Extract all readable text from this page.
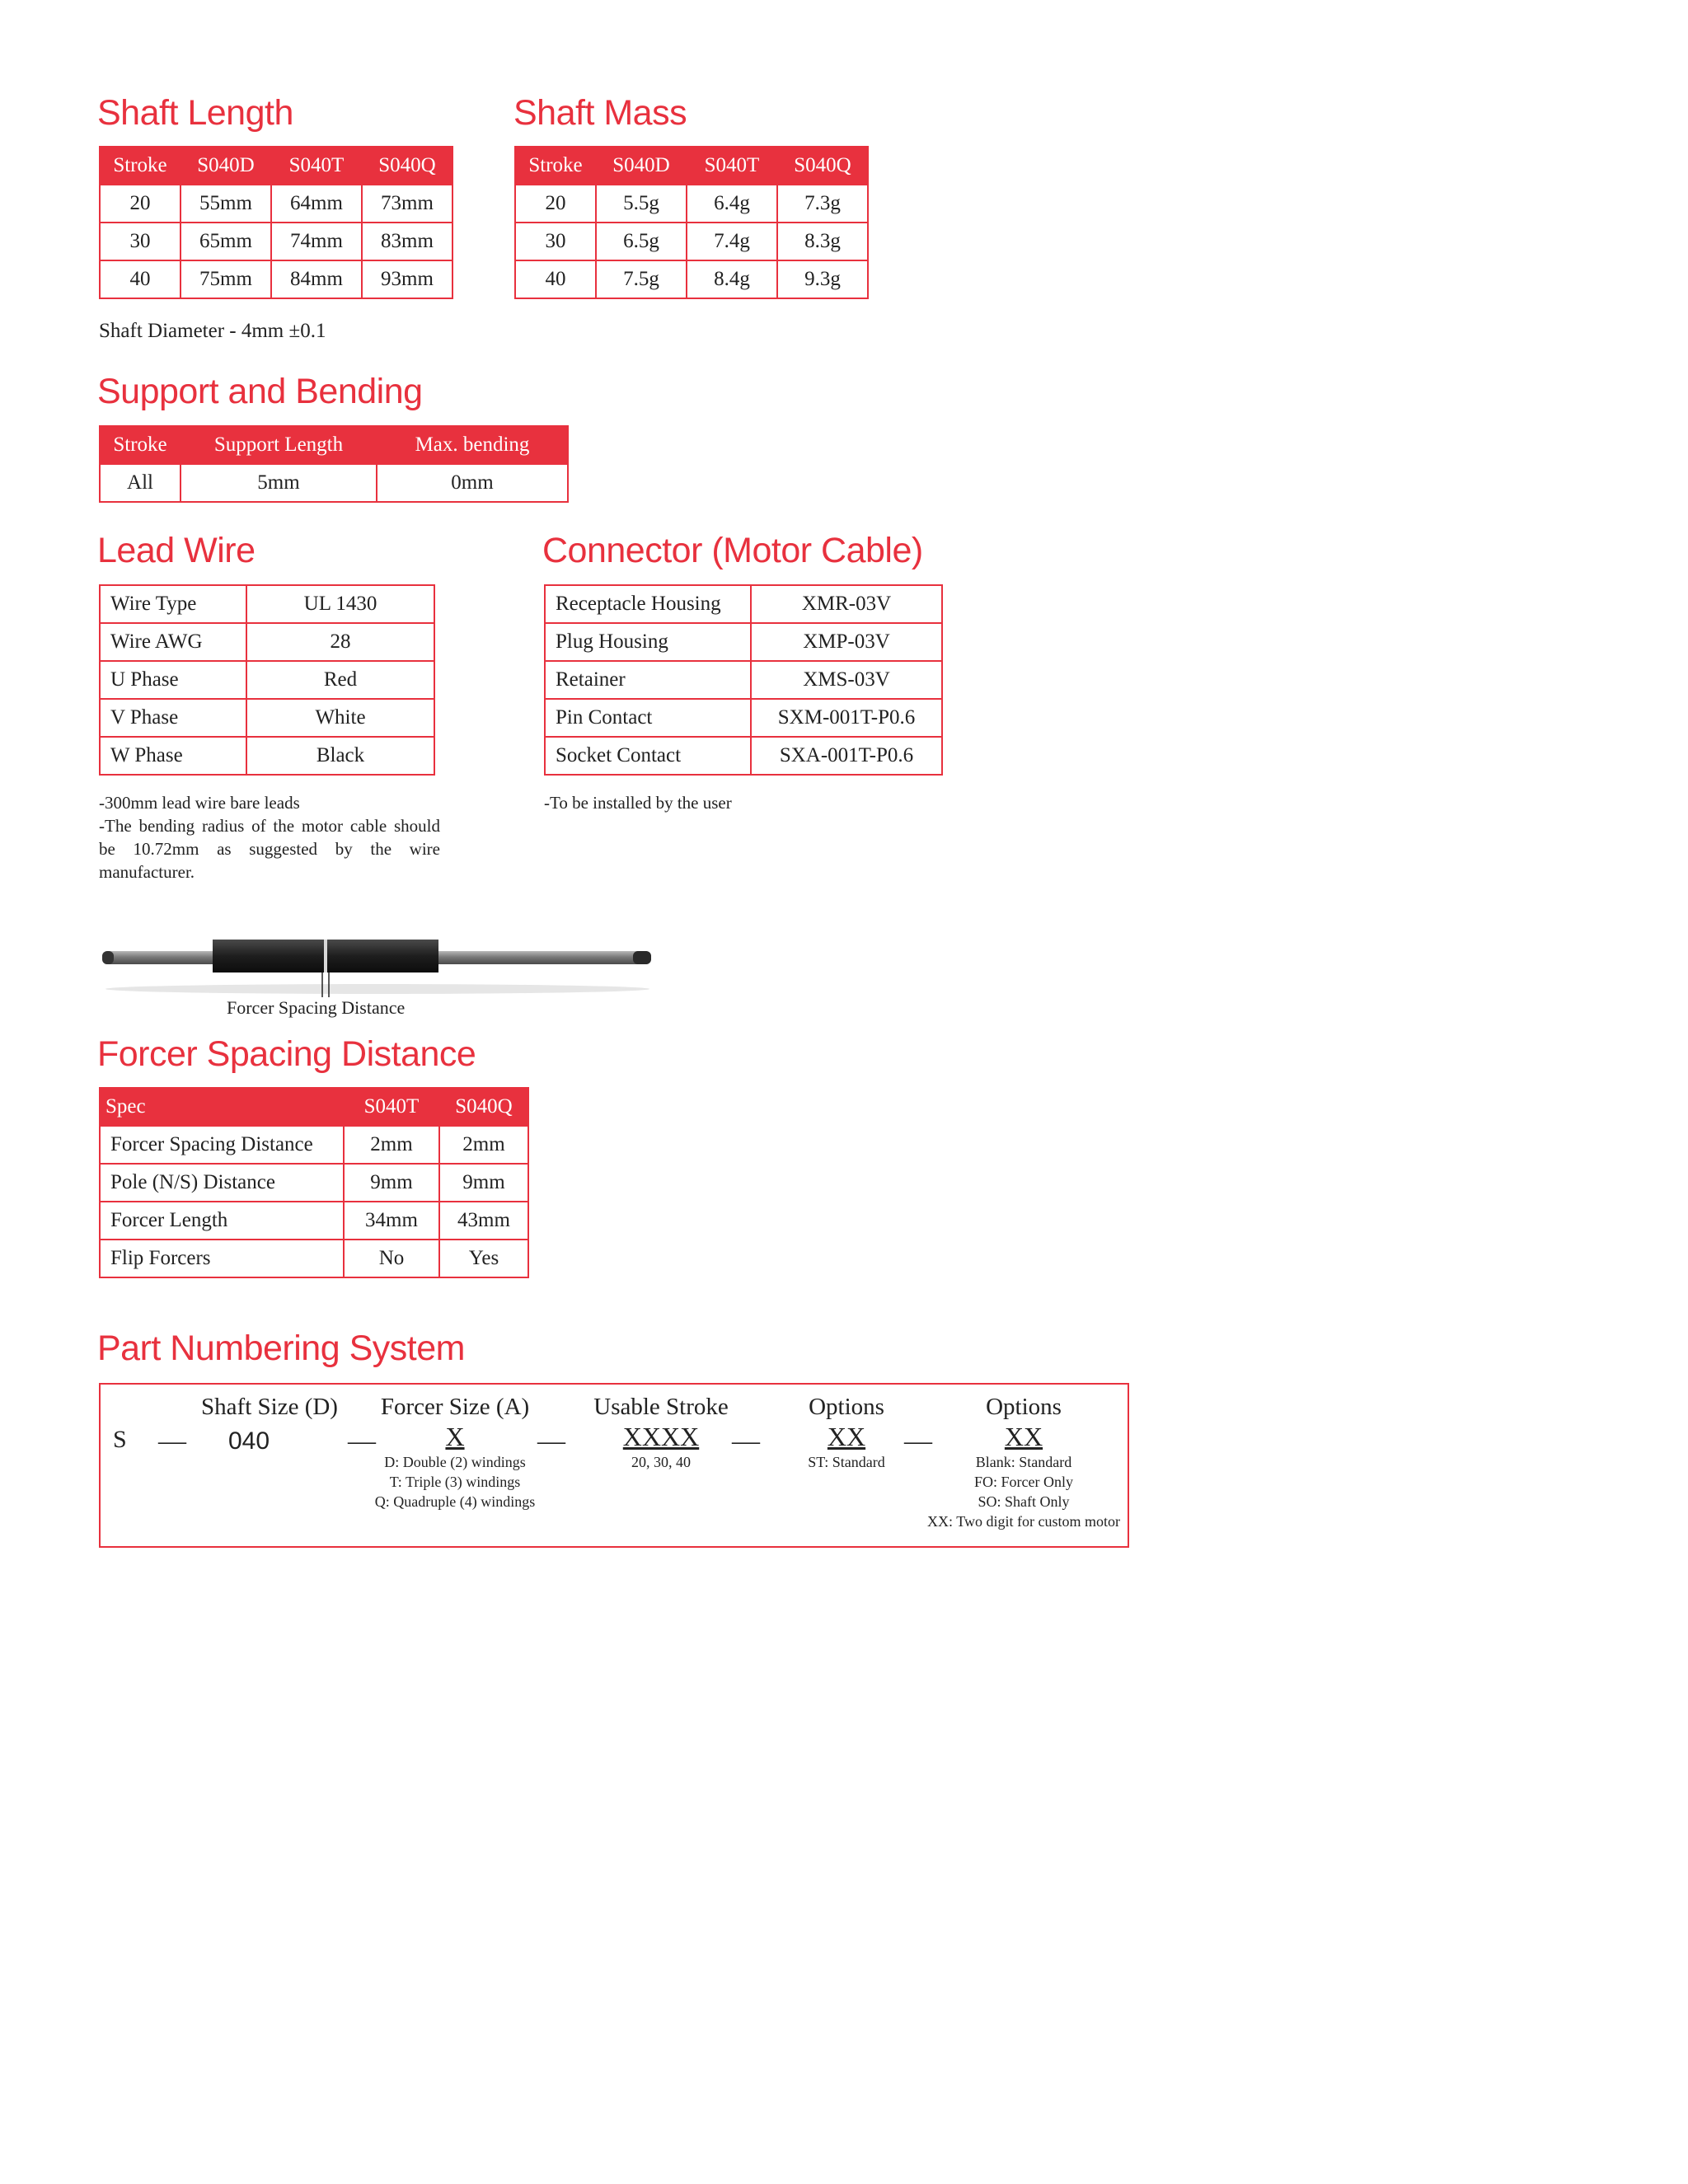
Shaft Length
Stroke	S040D	S040T	S040Q
20	55mm	64mm	73mm
30	65mm	74mm	83mm
40	75mm	84mm	93mm

Shaft Diameter - 4mm ±0.1

Shaft Mass
Stroke	S040D	S040T	S040Q
20	5.5g	6.4g	7.3g
30	6.5g	7.4g	8.3g
40	7.5g	8.4g	9.3g
Support and Bending
Stroke	Support Length	Max. bending
All	5mm	0mm
Lead Wire
Wire Type	UL 1430
Wire AWG	28
U Phase	Red
V Phase	White
W Phase	Black

-300mm lead wire bare leads

-The bending radius of the motor cable should be 10.72mm as suggested by the wire manufacturer.

Connector (Motor Cable)
Receptacle Housing	XMR-03V
Plug Housing	XMP-03V
Retainer	XMS-03V
Pin Contact	SXM-001T-P0.6
Socket Contact	SXA-001T-P0.6

-To be installed by the user

Forcer Spacing Distance
Forcer Spacing Distance
Spec	S040T	S040Q
Forcer Spacing Distance	2mm	2mm
Pole (N/S) Distance	9mm	9mm
Forcer Length	34mm	43mm
Flip Forcers	No	Yes
Part Numbering System
S —
Shaft Size (D)
040	—
Forcer Size (A)
X
D: Double (2) windings
T: Triple (3) windings
Q: Quadruple (4) windings
—
Usable Stroke
XXXX
20, 30, 40
—
Options
XX
ST: Standard
—
Options
XX
Blank: Standard
FO: Forcer Only
SO: Shaft Only
XX: Two digit for custom motor
